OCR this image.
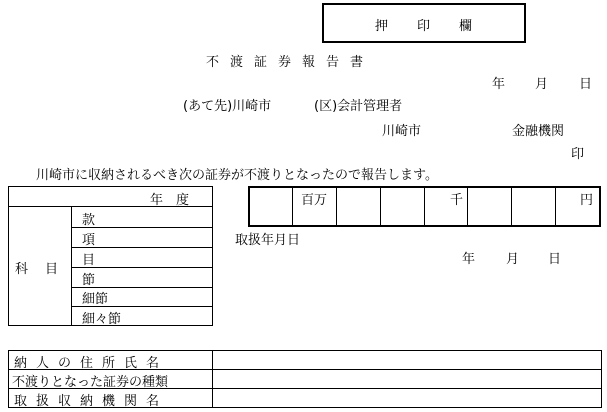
押　　印　　欄
不渡証券報告書
年 月 日
(あて先)川崎市	(区)会計管理者
川崎市	金融機関
印
川崎市に収納されるべき次の証券が不渡りとなったので報告します。
年　度
科　目
款
項
目
節
細節
細々節
百万	千	円
取扱年月日
年 月 日
納人の住所氏名
不渡りとなった証券の種類
取扱収納機関名
